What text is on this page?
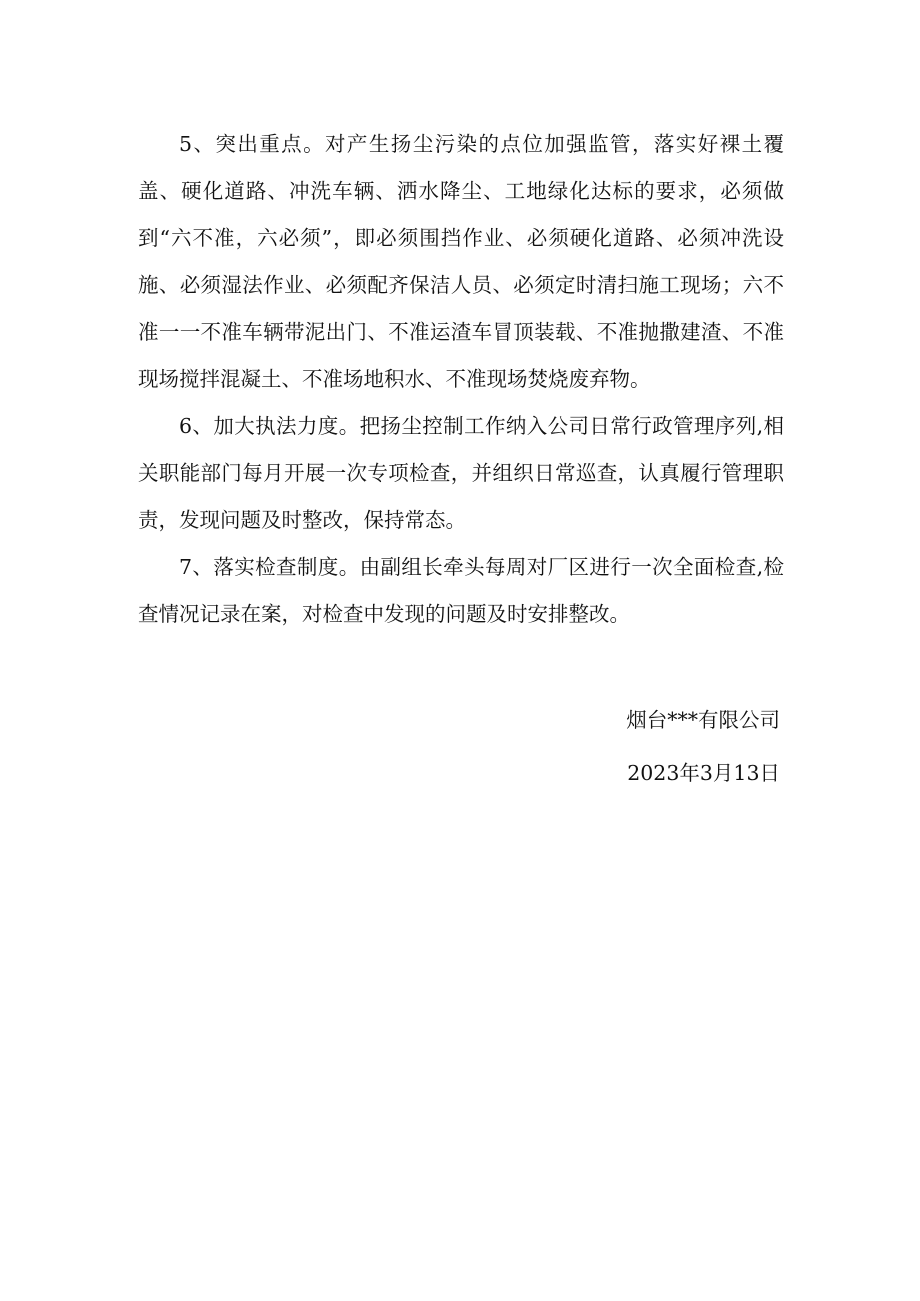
5、突出重点。对产生扬尘污染的点位加强监管，落实好裸土覆盖、硬化道路、冲洗车辆、洒水降尘、工地绿化达标的要求，必须做到“六不准，六必须”，即必须围挡作业、必须硬化道路、必须冲洗设施、必须湿法作业、必须配齐保洁人员、必须定时清扫施工现场；六不准一一不准车辆带泥出门、不准运渣车冒顶装载、不准抛撒建渣、不准现场搅拌混凝土、不准场地积水、不准现场焚烧废弃物。

6、加大执法力度。把扬尘控制工作纳入公司日常行政管理序列,相关职能部门每月开展一次专项检查，并组织日常巡查，认真履行管理职责，发现问题及时整改，保持常态。

7、落实检查制度。由副组长牵头每周对厂区进行一次全面检查,检查情况记录在案，对检查中发现的问题及时安排整改。

烟台***有限公司
2023年3月13日
